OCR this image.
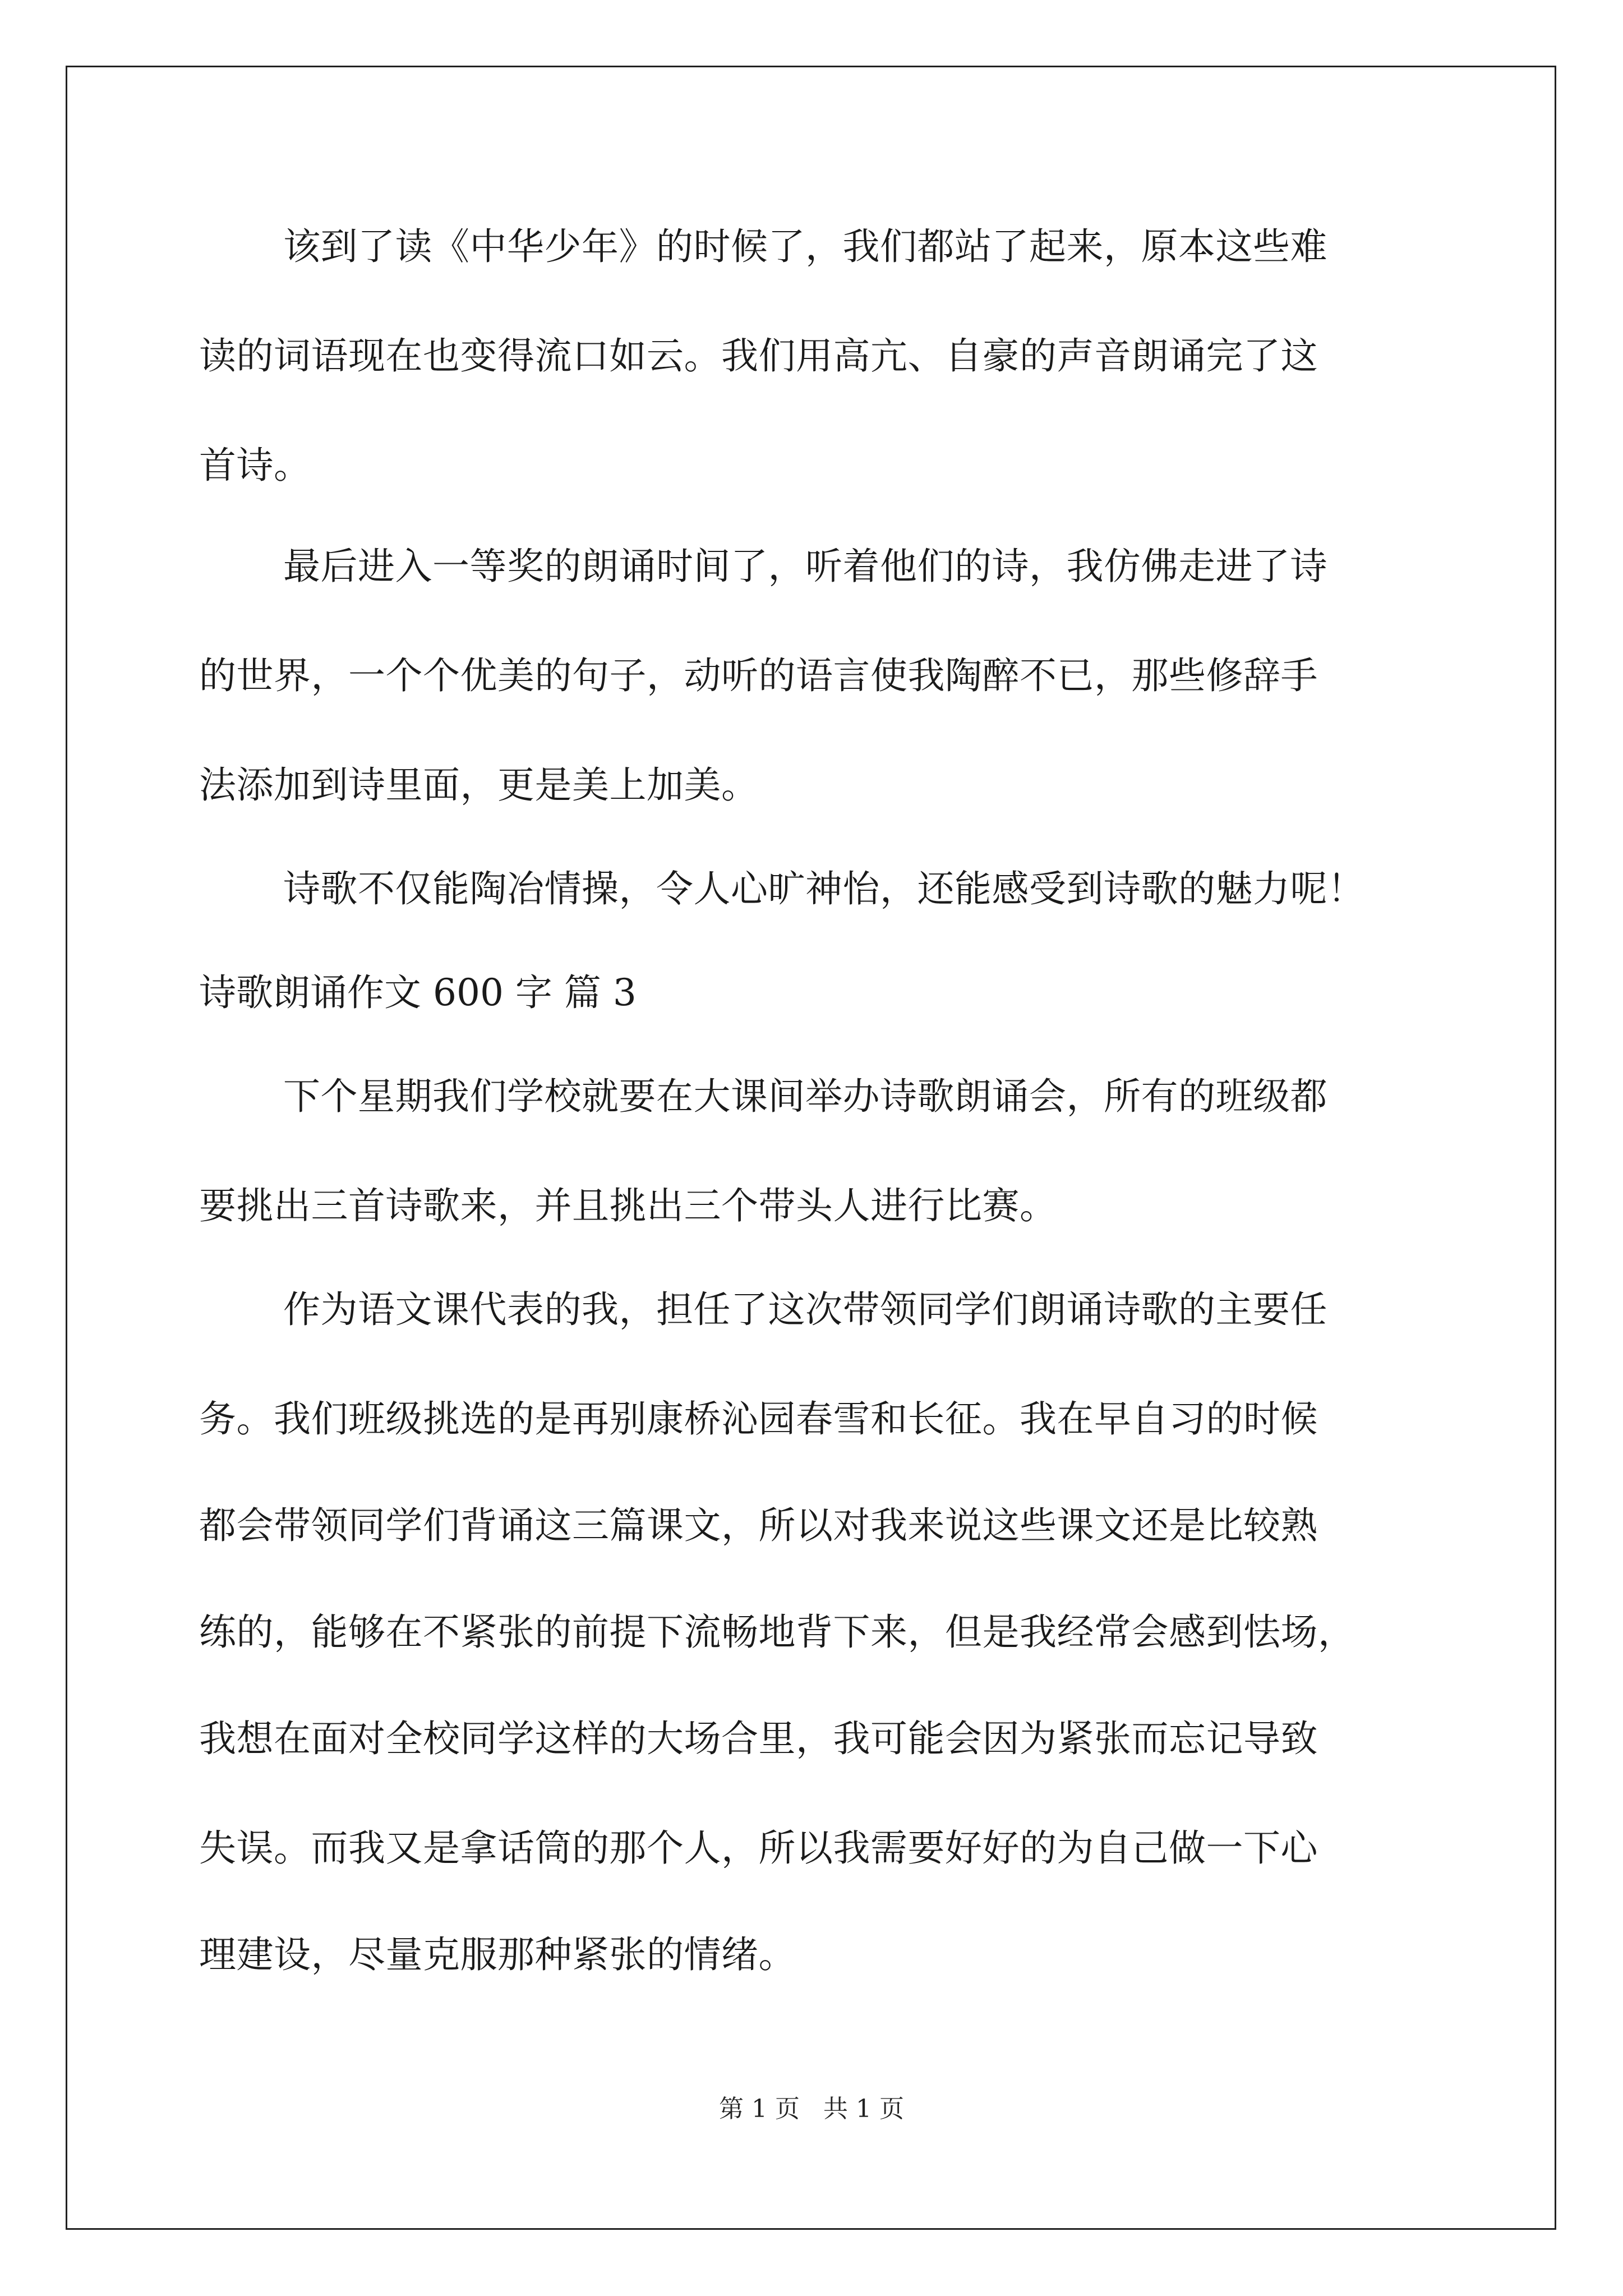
该到了读《中华少年》的时候了，我们都站了起来，原本这些难
读的词语现在也变得流口如云。我们用高亢、自豪的声音朗诵完了这
首诗。
最后进入一等奖的朗诵时间了，听着他们的诗，我仿佛走进了诗
的世界，一个个优美的句子，动听的语言使我陶醉不已，那些修辞手
法添加到诗里面，更是美上加美。
诗歌不仅能陶冶情操，令人心旷神怡，还能感受到诗歌的魅力呢！
诗歌朗诵作文 600 字 篇 3
下个星期我们学校就要在大课间举办诗歌朗诵会，所有的班级都
要挑出三首诗歌来，并且挑出三个带头人进行比赛。
作为语文课代表的我，担任了这次带领同学们朗诵诗歌的主要任
务。我们班级挑选的是再别康桥沁园春雪和长征。我在早自习的时候
都会带领同学们背诵这三篇课文，所以对我来说这些课文还是比较熟
练的，能够在不紧张的前提下流畅地背下来，但是我经常会感到怯场，
我想在面对全校同学这样的大场合里，我可能会因为紧张而忘记导致
失误。而我又是拿话筒的那个人，所以我需要好好的为自己做一下心
理建设，尽量克服那种紧张的情绪。
第 1 页 共 1 页
